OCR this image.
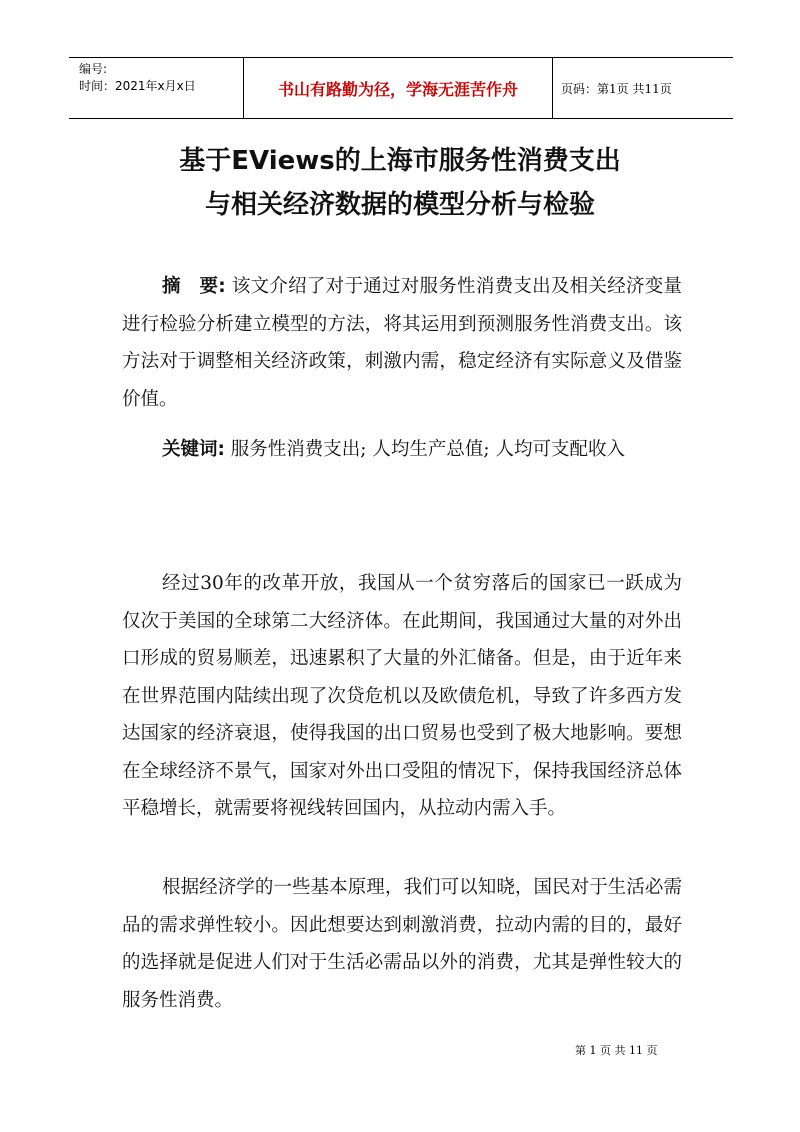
编号:
时间：2021年x月x日	书山有路勤为径，学海无涯苦作舟	页码：第1页 共11页
基于EViews的上海市服务性消费支出
与相关经济数据的模型分析与检验
摘　要: 该文介绍了对于通过对服务性消费支出及相关经济变量进行检验分析建立模型的方法，将其运用到预测服务性消费支出。该方法对于调整相关经济政策，刺激内需，稳定经济有实际意义及借鉴价值。
关键词: 服务性消费支出; 人均生产总值; 人均可支配收入
经过30年的改革开放，我国从一个贫穷落后的国家已一跃成为仅次于美国的全球第二大经济体。在此期间，我国通过大量的对外出口形成的贸易顺差，迅速累积了大量的外汇储备。但是，由于近年来在世界范围内陆续出现了次贷危机以及欧债危机，导致了许多西方发达国家的经济衰退，使得我国的出口贸易也受到了极大地影响。要想在全球经济不景气，国家对外出口受阻的情况下，保持我国经济总体平稳增长，就需要将视线转回国内，从拉动内需入手。
根据经济学的一些基本原理，我们可以知晓，国民对于生活必需品的需求弹性较小。因此想要达到刺激消费，拉动内需的目的，最好的选择就是促进人们对于生活必需品以外的消费，尤其是弹性较大的服务性消费。
第 1 页 共 11 页
